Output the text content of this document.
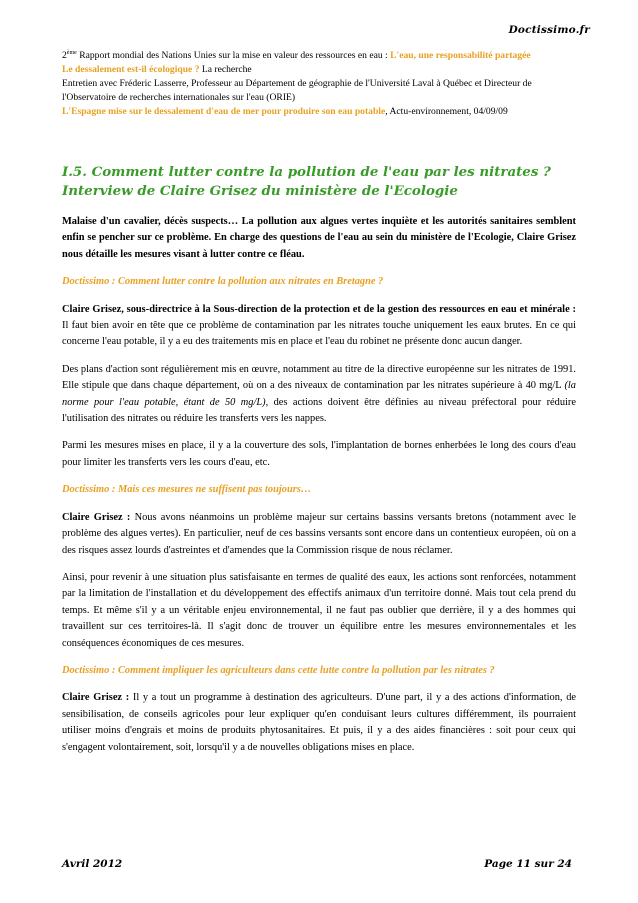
Doctissimo.fr

2ème Rapport mondial des Nations Unies sur la mise en valeur des ressources en eau : L'eau, une responsabilité partagée

Le dessalement est-il écologique ? La recherche

Entretien avec Fréderic Lasserre, Professeur au Département de géographie de l'Université Laval à Québec et Directeur de l'Observatoire de recherches internationales sur l'eau (ORIE)

L'Espagne mise sur le dessalement d'eau de mer pour produire son eau potable, Actu-environnement, 04/09/09

I.5. Comment lutter contre la pollution de l'eau par les nitrates ? Interview de Claire Grisez du ministère de l'Ecologie

Malaise d'un cavalier, décès suspects… La pollution aux algues vertes inquiète et les autorités sanitaires semblent enfin se pencher sur ce problème. En charge des questions de l'eau au sein du ministère de l'Ecologie, Claire Grisez nous détaille les mesures visant à lutter contre ce fléau.

Doctissimo : Comment lutter contre la pollution aux nitrates en Bretagne ?

Claire Grisez, sous-directrice à la Sous-direction de la protection et de la gestion des ressources en eau et minérale : Il faut bien avoir en tête que ce problème de contamination par les nitrates touche uniquement les eaux brutes. En ce qui concerne l'eau potable, il y a eu des traitements mis en place et l'eau du robinet ne présente donc aucun danger.

Des plans d'action sont régulièrement mis en œuvre, notamment au titre de la directive européenne sur les nitrates de 1991. Elle stipule que dans chaque département, où on a des niveaux de contamination par les nitrates supérieure à 40 mg/L (la norme pour l'eau potable, étant de 50 mg/L), des actions doivent être définies au niveau préfectoral pour réduire l'utilisation des nitrates ou réduire les transferts vers les nappes.

Parmi les mesures mises en place, il y a la couverture des sols, l'implantation de bornes enherbées le long des cours d'eau pour limiter les transferts vers les cours d'eau, etc.

Doctissimo : Mais ces mesures ne suffisent pas toujours…

Claire Grisez : Nous avons néanmoins un problème majeur sur certains bassins versants bretons (notamment avec le problème des algues vertes). En particulier, neuf de ces bassins versants sont encore dans un contentieux européen, où on a des risques assez lourds d'astreintes et d'amendes que la Commission risque de nous réclamer.

Ainsi, pour revenir à une situation plus satisfaisante en termes de qualité des eaux, les actions sont renforcées, notamment par la limitation de l'installation et du développement des effectifs animaux d'un territoire donné. Mais tout cela prend du temps. Et même s'il y a un véritable enjeu environnemental, il ne faut pas oublier que derrière, il y a des hommes qui travaillent sur ces territoires-là. Il s'agit donc de trouver un équilibre entre les mesures environnementales et les conséquences économiques de ces mesures.

Doctissimo : Comment impliquer les agriculteurs dans cette lutte contre la pollution par les nitrates ?

Claire Grisez : Il y a tout un programme à destination des agriculteurs. D'une part, il y a des actions d'information, de sensibilisation, de conseils agricoles pour leur expliquer qu'en conduisant leurs cultures différemment, ils pourraient utiliser moins d'engrais et moins de produits phytosanitaires. Et puis, il y a des aides financières : soit pour ceux qui s'engagent volontairement, soit, lorsqu'il y a de nouvelles obligations mises en place.

Avril 2012	Page 11 sur 24
